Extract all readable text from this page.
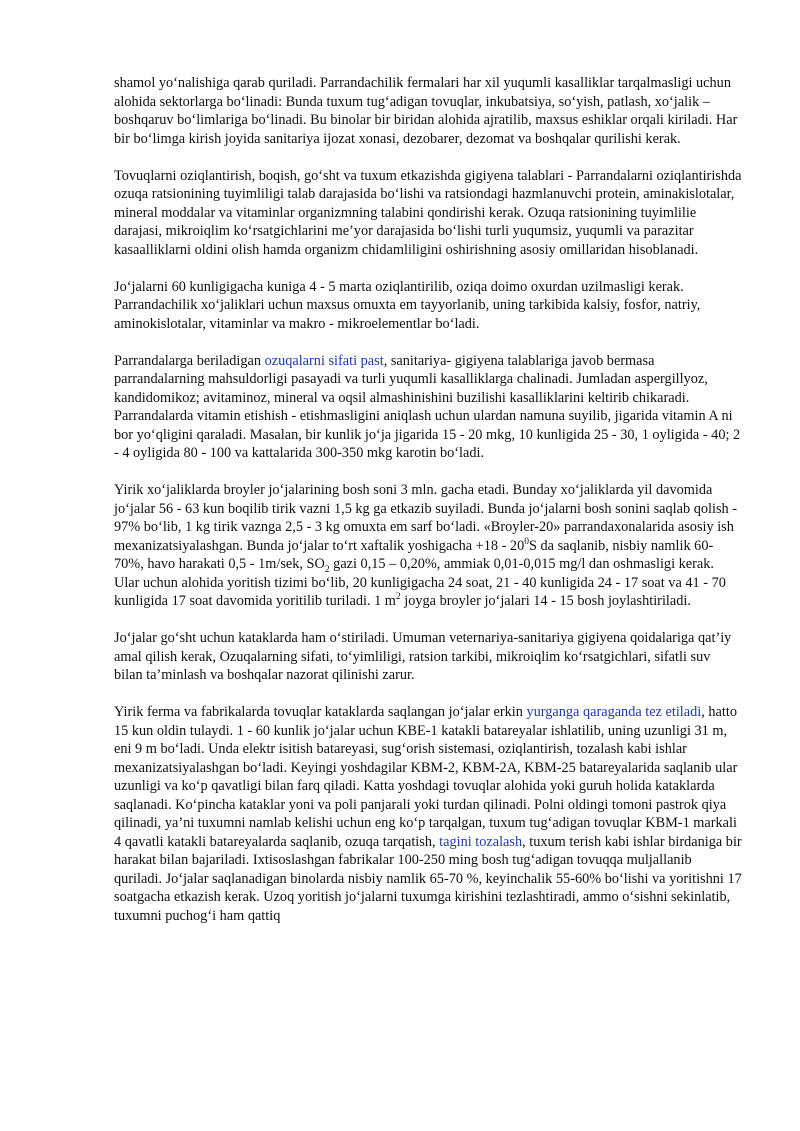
shamol yo‘nalishiga qarab quriladi. Parrandachilik fermalari har xil yuqumli kasalliklar tarqalmasligi uchun alohida sektorlarga bo‘linadi: Bunda tuxum tug‘adigan tovuqlar, inkubatsiya, so‘yish, patlash, xo‘jalik – boshqaruv bo‘limlariga bo‘linadi. Bu binolar bir biridan alohida ajratilib, maxsus eshiklar orqali kiriladi. Har bir bo‘limga kirish joyida sanitariya ijozat xonasi, dezobarer, dezomat va boshqalar qurilishi kerak.

Tovuqlarni oziqlantirish, boqish, go‘sht va tuxum etkazishda gigiyena talablari - Parrandalarni oziqlantirishda ozuqa ratsionining tuyimliligi talab darajasida bo‘lishi va ratsiondagi hazmlanuvchi protein, aminakislotalar, mineral moddalar va vitaminlar organizmning talabini qondirishi kerak. Ozuqa ratsionining tuyimlilie darajasi, mikroiqlim ko‘rsatgichlarini me’yor darajasida bo‘lishi turli yuqumsiz, yuqumli va parazitar kasaalliklarni oldini olish hamda organizm chidamliligini oshirishning asosiy omillaridan hisoblanadi.

Jo‘jalarni 60 kunligigacha kuniga 4 - 5 marta oziqlantirilib, oziqa doimo oxurdan uzilmasligi kerak. Parrandachilik xo‘jaliklari uchun maxsus omuxta em tayyorlanib, uning tarkibida kalsiy, fosfor, natriy, aminokislotalar, vitaminlar va makro - mikroelementlar bo‘ladi.

Parrandalarga beriladigan ozuqalarni sifati past, sanitariya- gigiyena talablariga javob bermasa parrandalarning mahsuldorligi pasayadi va turli yuqumli kasalliklarga chalinadi. Jumladan aspergillyoz, kandidomikoz; avitaminoz, mineral va oqsil almashinishini buzilishi kasalliklarini keltirib chikaradi. Parrandalarda vitamin etishish - etishmasligini aniqlash uchun ulardan namuna suyilib, jigarida vitamin A ni bor yo‘qligini qaraladi. Masalan, bir kunlik jo‘ja jigarida 15 - 20 mkg, 10 kunligida 25 - 30, 1 oyligida - 40; 2 - 4 oyligida 80 - 100 va kattalarida 300-350 mkg karotin bo‘ladi.

Yirik xo‘jaliklarda broyler jo‘jalarining bosh soni 3 mln. gacha etadi. Bunday xo‘jaliklarda yil davomida jo‘jalar 56 - 63 kun boqilib tirik vazni 1,5 kg ga etkazib suyiladi. Bunda jo‘jalarni bosh sonini saqlab qolish - 97% bo‘lib, 1 kg tirik vaznga 2,5 - 3 kg omuxta em sarf bo‘ladi. «Broyler-20» parrandaxonalarida asosiy ish mexanizatsiyalashgan. Bunda jo‘jalar to‘rt xaftalik yoshigacha $+18 - 20^0S$ da saqlanib, nisbiy namlik 60-70%, havo harakati 0,5 - 1m/sek, $SO_2$ gazi 0,15 – 0,20%, ammiak 0,01-0,015 mg/l dan oshmasligi kerak. Ular uchun alohida yoritish tizimi bo‘lib, 20 kunligigacha 24 soat, 21 - 40 kunligida 24 - 17 soat va 41 - 70 kunligida 17 soat davomida yoritilib turiladi. 1 $m^2$ joyga broyler jo‘jalari 14 - 15 bosh joylashtiriladi.

Jo‘jalar go‘sht uchun kataklarda ham o‘stiriladi. Umuman veternariya-sanitariya gigiyena qoidalariga qat’iy amal qilish kerak, Ozuqalarning sifati, to‘yimliligi, ratsion tarkibi, mikroiqlim ko‘rsatgichlari, sifatli suv bilan ta’minlash va boshqalar nazorat qilinishi zarur.

Yirik ferma va fabrikalarda tovuqlar kataklarda saqlangan jo‘jalar erkin yurganga qaraganda tez etiladi, hatto 15 kun oldin tulaydi. 1 - 60 kunlik jo‘jalar uchun KBE-1 katakli batareyalar ishlatilib, uning uzunligi 31 m, eni 9 m bo‘ladi. Unda elektr isitish batareyasi, sug‘orish sistemasi, oziqlantirish, tozalash kabi ishlar mexanizatsiyalashgan bo‘ladi. Keyingi yoshdagilar KBM-2, KBM-2A, KBM-25 batareyalarida saqlanib ular uzunligi va ko‘p qavatligi bilan farq qiladi. Katta yoshdagi tovuqlar alohida yoki guruh holida kataklarda saqlanadi. Ko‘pincha kataklar yoni va poli panjarali yoki turdan qilinadi. Polni oldingi tomoni pastrok qiya qilinadi, ya’ni tuxumni namlab kelishi uchun eng ko‘p tarqalgan, tuxum tug‘adigan tovuqlar KBM-1 markali 4 qavatli katakli batareyalarda saqlanib, ozuqa tarqatish, tagini tozalash, tuxum terish kabi ishlar birdaniga bir harakat bilan bajariladi. Ixtisoslashgan fabrikalar 100-250 ming bosh tug‘adigan tovuqqa muljallanib quriladi. Jo‘jalar saqlanadigan binolarda nisbiy namlik 65-70 %, keyinchalik 55-60% bo‘lishi va yoritishni 17 soatgacha etkazish kerak. Uzoq yoritish jo‘jalarni tuxumga kirishini tezlashtiradi, ammo o‘sishni sekinlatib, tuxumni puchog‘i ham qattiq
